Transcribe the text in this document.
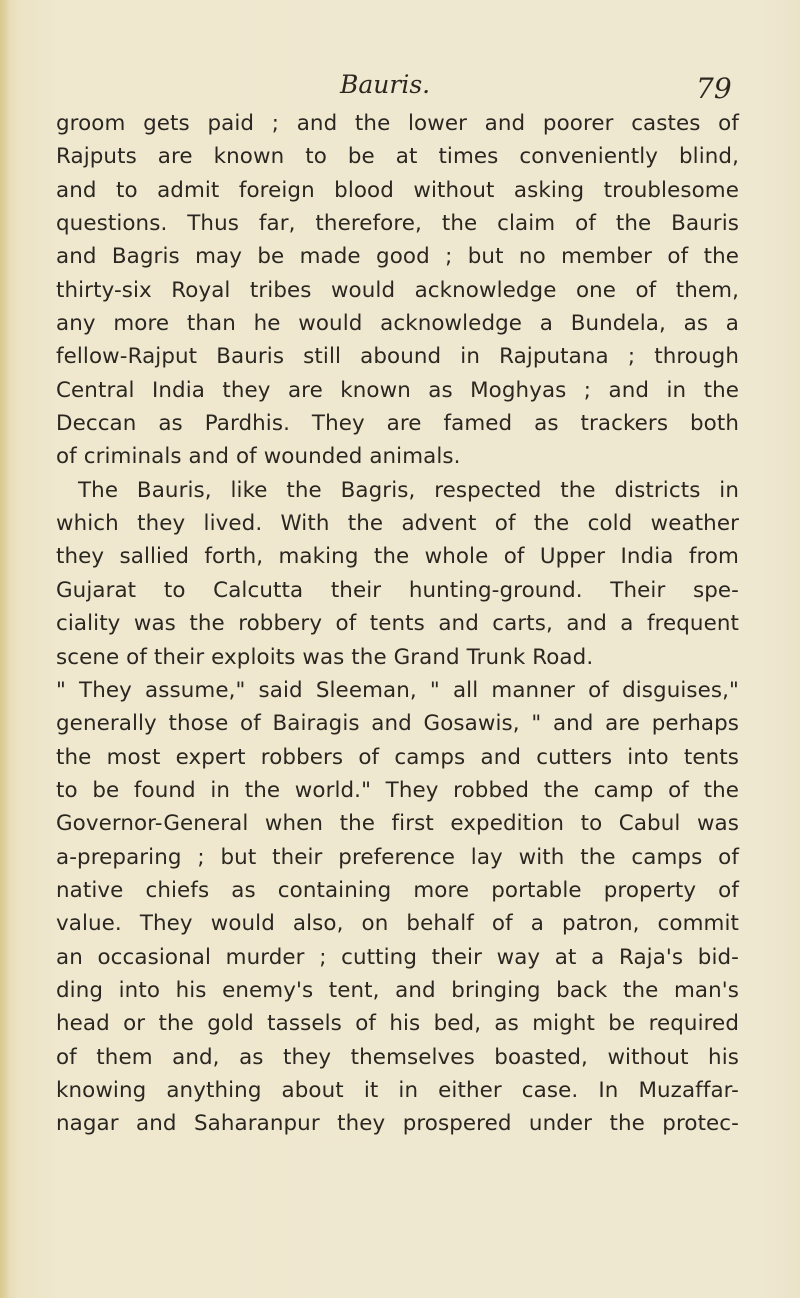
Bauris.	79
groom gets paid ; and the lower and poorer castes of
Rajputs are known to be at times conveniently blind,
and to admit foreign blood without asking troublesome
questions. Thus far, therefore, the claim of the Bauris
and Bagris may be made good ; but no member of the
thirty-six Royal tribes would acknowledge one of them,
any more than he would acknowledge a Bundela, as a
fellow-Rajput Bauris still abound in Rajputana ; through
Central India they are known as Moghyas ; and in the
Deccan as Pardhis. They are famed as trackers both
of criminals and of wounded animals.
The Bauris, like the Bagris, respected the districts in
which they lived. With the advent of the cold weather
they sallied forth, making the whole of Upper India from
Gujarat to Calcutta their hunting-ground. Their spe-
ciality was the robbery of tents and carts, and a frequent
scene of their exploits was the Grand Trunk Road.
" They assume," said Sleeman, " all manner of disguises,"
generally those of Bairagis and Gosawis, " and are perhaps
the most expert robbers of camps and cutters into tents
to be found in the world." They robbed the camp of the
Governor-General when the first expedition to Cabul was
a-preparing ; but their preference lay with the camps of
native chiefs as containing more portable property of
value. They would also, on behalf of a patron, commit
an occasional murder ; cutting their way at a Raja's bid-
ding into his enemy's tent, and bringing back the man's
head or the gold tassels of his bed, as might be required
of them and, as they themselves boasted, without his
knowing anything about it in either case. In Muzaffar-
nagar and Saharanpur they prospered under the protec-
